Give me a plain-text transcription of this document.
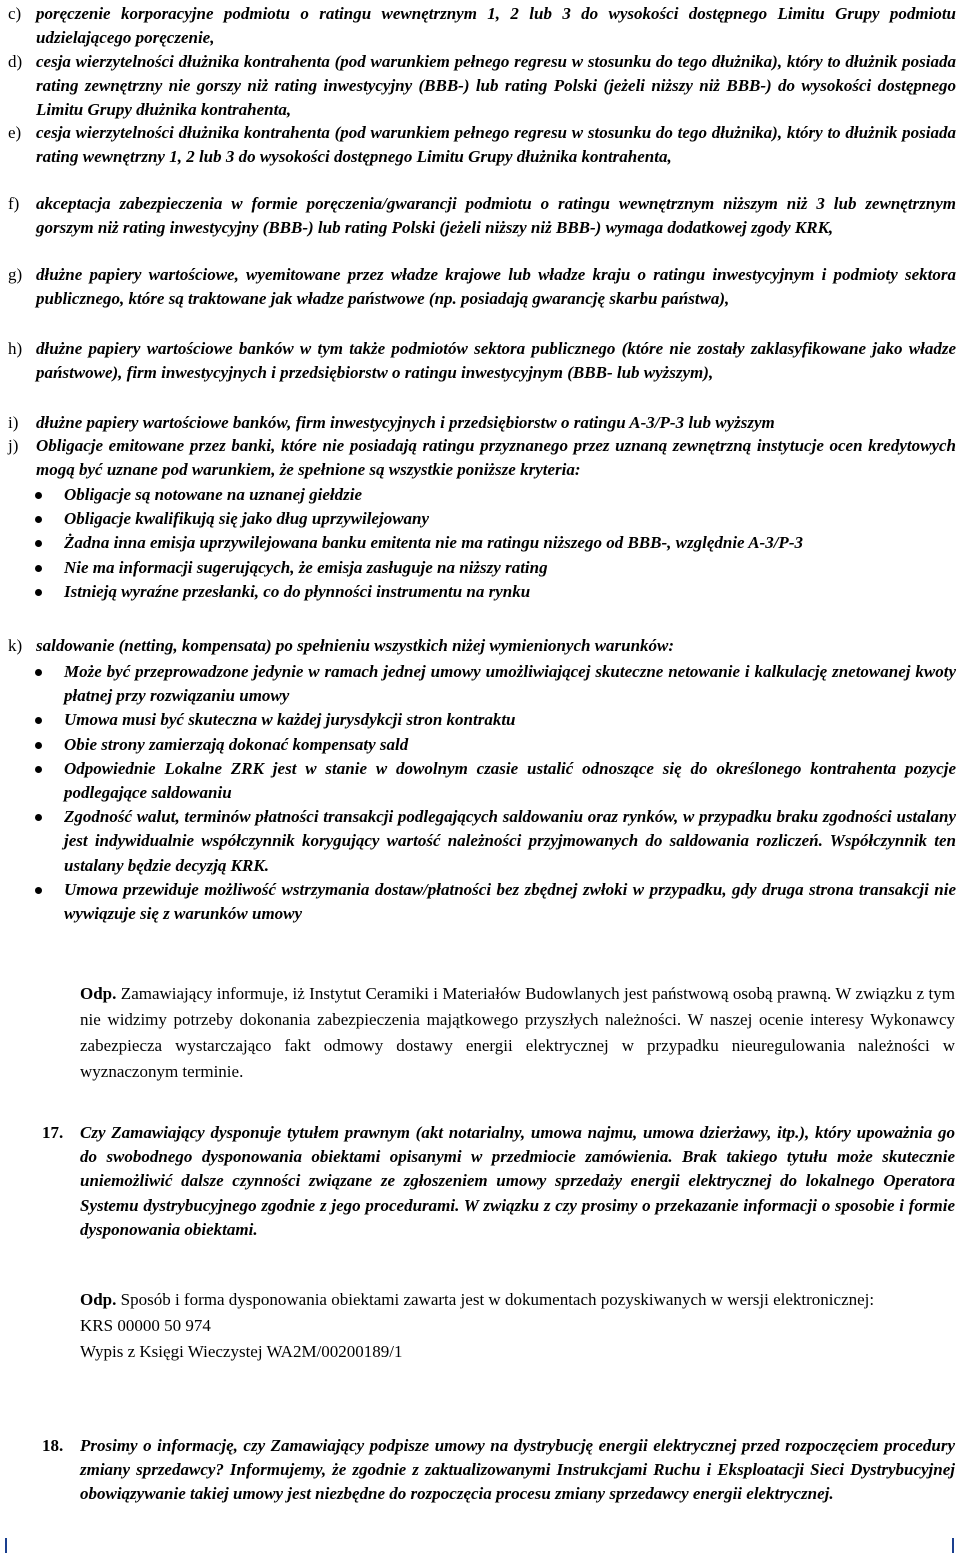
c) poręczenie korporacyjne podmiotu o ratingu wewnętrznym 1, 2 lub 3 do wysokości dostępnego Limitu Grupy podmiotu udzielającego poręczenie,
d) cesja wierzytelności dłużnika kontrahenta (pod warunkiem pełnego regresu w stosunku do tego dłużnika), który to dłużnik posiada rating zewnętrzny nie gorszy niż rating inwestycyjny (BBB-) lub rating Polski (jeżeli niższy niż BBB-) do wysokości dostępnego Limitu Grupy dłużnika kontrahenta,
e) cesja wierzytelności dłużnika kontrahenta (pod warunkiem pełnego regresu w stosunku do tego dłużnika), który to dłużnik posiada rating wewnętrzny 1, 2 lub 3 do wysokości dostępnego Limitu Grupy dłużnika kontrahenta,
f) akceptacja zabezpieczenia w formie poręczenia/gwarancji podmiotu o ratingu wewnętrznym niższym niż 3 lub zewnętrznym gorszym niż rating inwestycyjny (BBB-) lub rating Polski (jeżeli niższy niż BBB-) wymaga dodatkowej zgody KRK,
g) dłużne papiery wartościowe, wyemitowane przez władze krajowe lub władze kraju o ratingu inwestycyjnym i podmioty sektora publicznego, które są traktowane jak władze państwowe (np. posiadają gwarancję skarbu państwa),
h) dłużne papiery wartościowe banków w tym także podmiotów sektora publicznego (które nie zostały zaklasyfikowane jako władze państwowe), firm inwestycyjnych i przedsiębiorstw o ratingu inwestycyjnym (BBB- lub wyższym),
i)	dłużne papiery wartościowe banków, firm inwestycyjnych i przedsiębiorstw o ratingu A-3/P-3 lub wyższym
j)	Obligacje emitowane przez banki, które nie posiadają ratingu przyznanego przez uznaną zewnętrzną instytucje ocen kredytowych mogą być uznane pod warunkiem, że spełnione są wszystkie poniższe kryteria:
Obligacje są notowane na uznanej giełdzie
Obligacje kwalifikują się jako dług uprzywilejowany
Żadna inna emisja uprzywilejowana banku emitenta nie ma ratingu niższego od BBB-, względnie A-3/P-3
Nie ma informacji sugerujących, że emisja zasługuje na niższy rating
Istnieją wyraźne przesłanki, co do płynności instrumentu na rynku
k) saldowanie (netting, kompensata) po spełnieniu wszystkich niżej wymienionych warunków:
Może być przeprowadzone jedynie w ramach jednej umowy umożliwiającej skuteczne netowanie i kalkulację znetowanej kwoty płatnej przy rozwiązaniu umowy
Umowa musi być skuteczna w każdej jurysdykcji stron kontraktu
Obie strony zamierzają dokonać kompensaty sald
Odpowiednie Lokalne ZRK jest w stanie w dowolnym czasie ustalić odnoszące się do określonego kontrahenta pozycje podlegające saldowaniu
Zgodność walut, terminów płatności transakcji podlegających saldowaniu oraz rynków, w przypadku braku zgodności ustalany jest indywidualnie współczynnik korygujący wartość należności przyjmowanych do saldowania rozliczeń. Współczynnik ten ustalany będzie decyzją KRK.
Umowa przewiduje możliwość wstrzymania dostaw/płatności bez zbędnej zwłoki w przypadku, gdy druga strona transakcji nie wywiązuje się z warunków umowy
Odp. Zamawiający informuje, iż Instytut Ceramiki i Materiałów Budowlanych jest państwową osobą prawną. W związku z tym nie widzimy potrzeby dokonania zabezpieczenia majątkowego przyszłych należności. W naszej ocenie interesy Wykonawcy zabezpiecza wystarczająco fakt odmowy dostawy energii elektrycznej w przypadku nieuregulowania należności w wyznaczonym terminie.
17. Czy Zamawiający dysponuje tytułem prawnym (akt notarialny, umowa najmu, umowa dzierżawy, itp.), który upoważnia go do swobodnego dysponowania obiektami opisanymi w przedmiocie zamówienia. Brak takiego tytułu może skutecznie uniemożliwić dalsze czynności związane ze zgłoszeniem umowy sprzedaży energii elektrycznej do lokalnego Operatora Systemu dystrybucyjnego zgodnie z jego procedurami. W związku z czy prosimy o przekazanie informacji o sposobie i formie dysponowania obiektami.
Odp. Sposób i forma dysponowania obiektami zawarta jest w dokumentach pozyskiwanych w wersji elektronicznej:
KRS 00000 50 974
Wypis z Księgi Wieczystej WA2M/00200189/1
18. Prosimy o informację, czy Zamawiający podpisze umowy na dystrybucję energii elektrycznej przed rozpoczęciem procedury zmiany sprzedawcy? Informujemy, że zgodnie z zaktualizowanymi Instrukcjami Ruchu i Eksploatacji Sieci Dystrybucyjnej obowiązywanie takiej umowy jest niezbędne do rozpoczęcia procesu zmiany sprzedawcy energii elektrycznej.
